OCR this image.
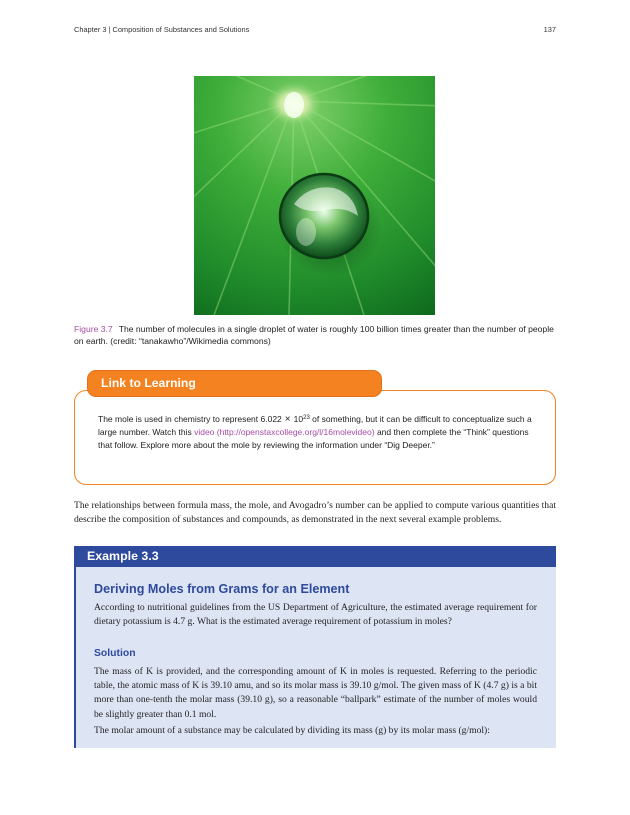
Chapter 3 | Composition of Substances and Solutions	137
Figure 3.7 The number of molecules in a single droplet of water is roughly 100 billion times greater than the number of people on earth. (credit: “tanakawho”/Wikimedia commons)
Link to Learning
The mole is used in chemistry to represent $6.022 \times 10^{23}$ of something, but it can be difficult to conceptualize such a large number. Watch this video (http://openstaxcollege.org/l/16molevideo) and then complete the “Think” questions that follow. Explore more about the mole by reviewing the information under “Dig Deeper.”
The relationships between formula mass, the mole, and Avogadro’s number can be applied to compute various quantities that describe the composition of substances and compounds, as demonstrated in the next several example problems.
Example 3.3
Deriving Moles from Grams for an Element
According to nutritional guidelines from the US Department of Agriculture, the estimated average requirement for dietary potassium is 4.7 g. What is the estimated average requirement of potassium in moles?
Solution
The mass of K is provided, and the corresponding amount of K in moles is requested. Referring to the periodic table, the atomic mass of K is 39.10 amu, and so its molar mass is 39.10 g/mol. The given mass of K (4.7 g) is a bit more than one-tenth the molar mass (39.10 g), so a reasonable “ballpark” estimate of the number of moles would be slightly greater than 0.1 mol.
The molar amount of a substance may be calculated by dividing its mass (g) by its molar mass (g/mol):
